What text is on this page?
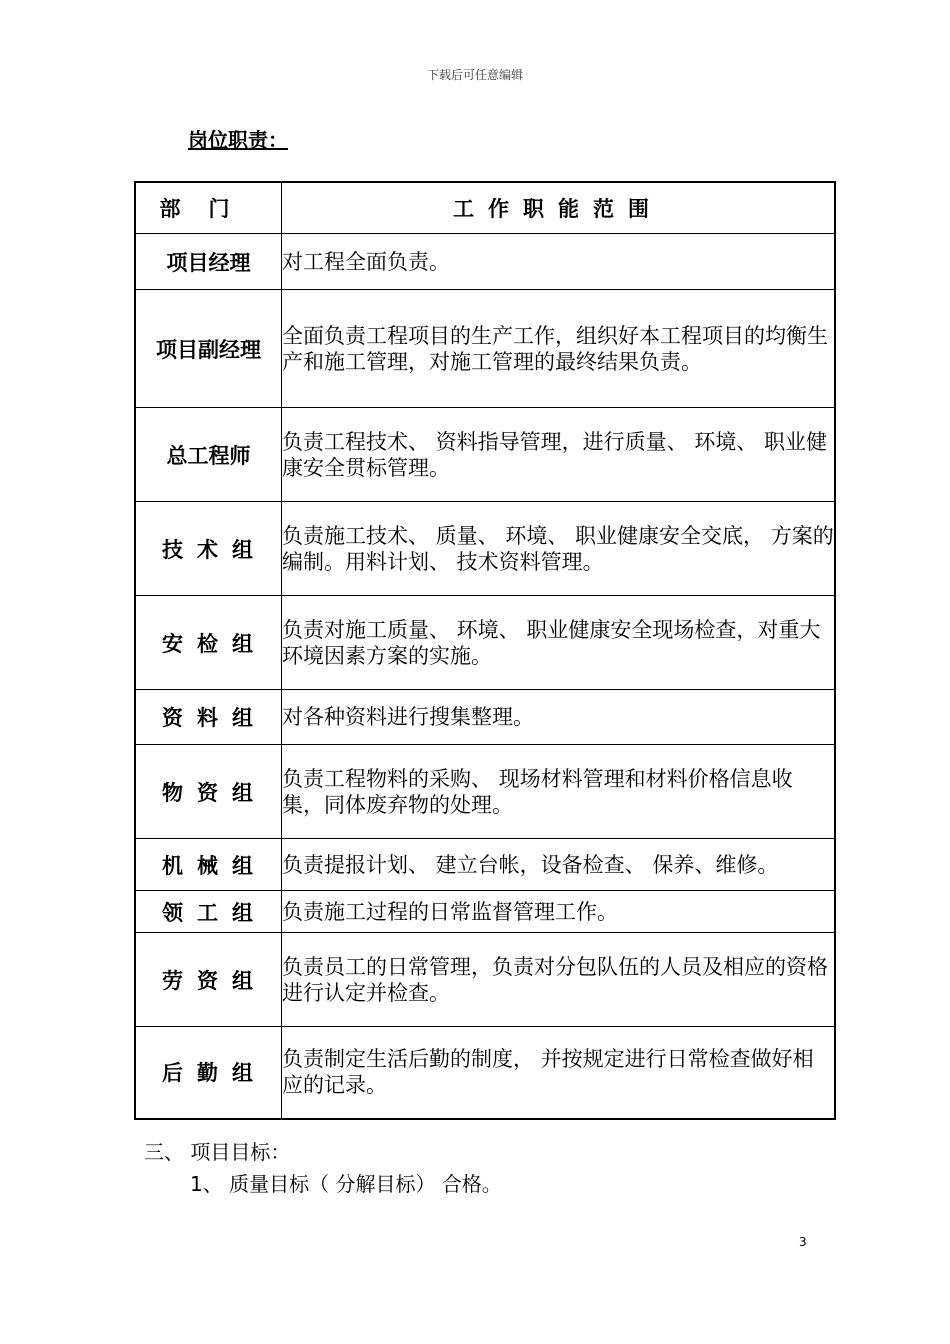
下载后可任意编辑
岗位职责：
部门	工作职能范围
项目经理	对工程全面负责。
项目副经理	全面负责工程项目的生产工作，组织好本工程项目的均衡生产和施工管理，对施工管理的最终结果负责。
总工程师	负责工程技术、 资料指导管理，进行质量、 环境、 职业健康安全贯标管理。
技术组	负责施工技术、 质量、 环境、 职业健康安全交底， 方案的编制。用料计划、 技术资料管理。
安检组	负责对施工质量、 环境、 职业健康安全现场检查，对重大环境因素方案的实施。
资料组	对各种资料进行搜集整理。
物资组	负责工程物料的采购、 现场材料管理和材料价格信息收集，同体废弃物的处理。
机械组	负责提报计划、 建立台帐，设备检查、 保养、维修。
领工组	负责施工过程的日常监督管理工作。
劳资组	负责员工的日常管理，负责对分包队伍的人员及相应的资格进行认定并检查。
后勤组	负责制定生活后勤的制度， 并按规定进行日常检查做好相应的记录。
三、 项目目标：
1、 质量目标（ 分解目标） 合格。
3
